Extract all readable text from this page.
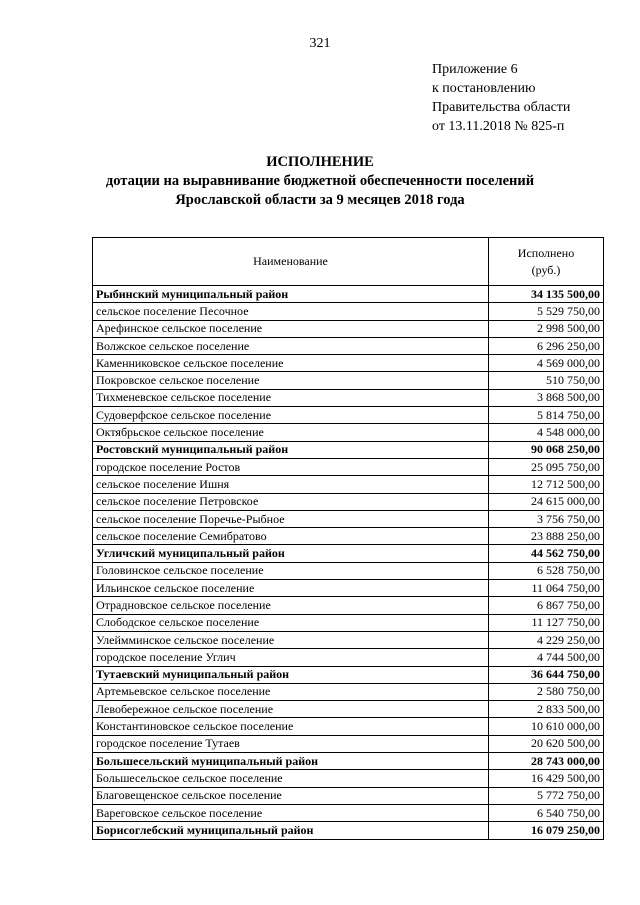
321
Приложение 6
к постановлению
Правительства области
от 13.11.2018 № 825-п
ИСПОЛНЕНИЕ
дотации на выравнивание бюджетной обеспеченности поселений
Ярославской области за 9 месяцев 2018 года
Наименование	Исполнено
(руб.)

Рыбинский муниципальный район	34 135 500,00
сельское поселение Песочное	5 529 750,00
Арефинское сельское поселение	2 998 500,00
Волжское сельское поселение	6 296 250,00
Каменниковское сельское поселение	4 569 000,00
Покровское сельское поселение	510 750,00
Тихменевское сельское поселение	3 868 500,00
Судоверфское сельское поселение	5 814 750,00
Октябрьское сельское поселение	4 548 000,00
Ростовский муниципальный район	90 068 250,00
городское поселение Ростов	25 095 750,00
сельское поселение Ишня	12 712 500,00
сельское поселение Петровское	24 615 000,00
сельское поселение Поречье-Рыбное	3 756 750,00
сельское поселение Семибратово	23 888 250,00
Угличский муниципальный район	44 562 750,00
Головинское сельское поселение	6 528 750,00
Ильинское сельское поселение	11 064 750,00
Отрадновское сельское поселение	6 867 750,00
Слободское сельское поселение	11 127 750,00
Улеймминское сельское поселение	4 229 250,00
городское поселение Углич	4 744 500,00
Тутаевский муниципальный район	36 644 750,00
Артемьевское сельское поселение	2 580 750,00
Левобережное сельское поселение	2 833 500,00
Константиновское сельское поселение	10 610 000,00
городское поселение Тутаев	20 620 500,00
Большесельский муниципальный район	28 743 000,00
Большесельское сельское поселение	16 429 500,00
Благовещенское сельское поселение	5 772 750,00
Вареговское сельское поселение	6 540 750,00
Борисоглебский муниципальный район	16 079 250,00
